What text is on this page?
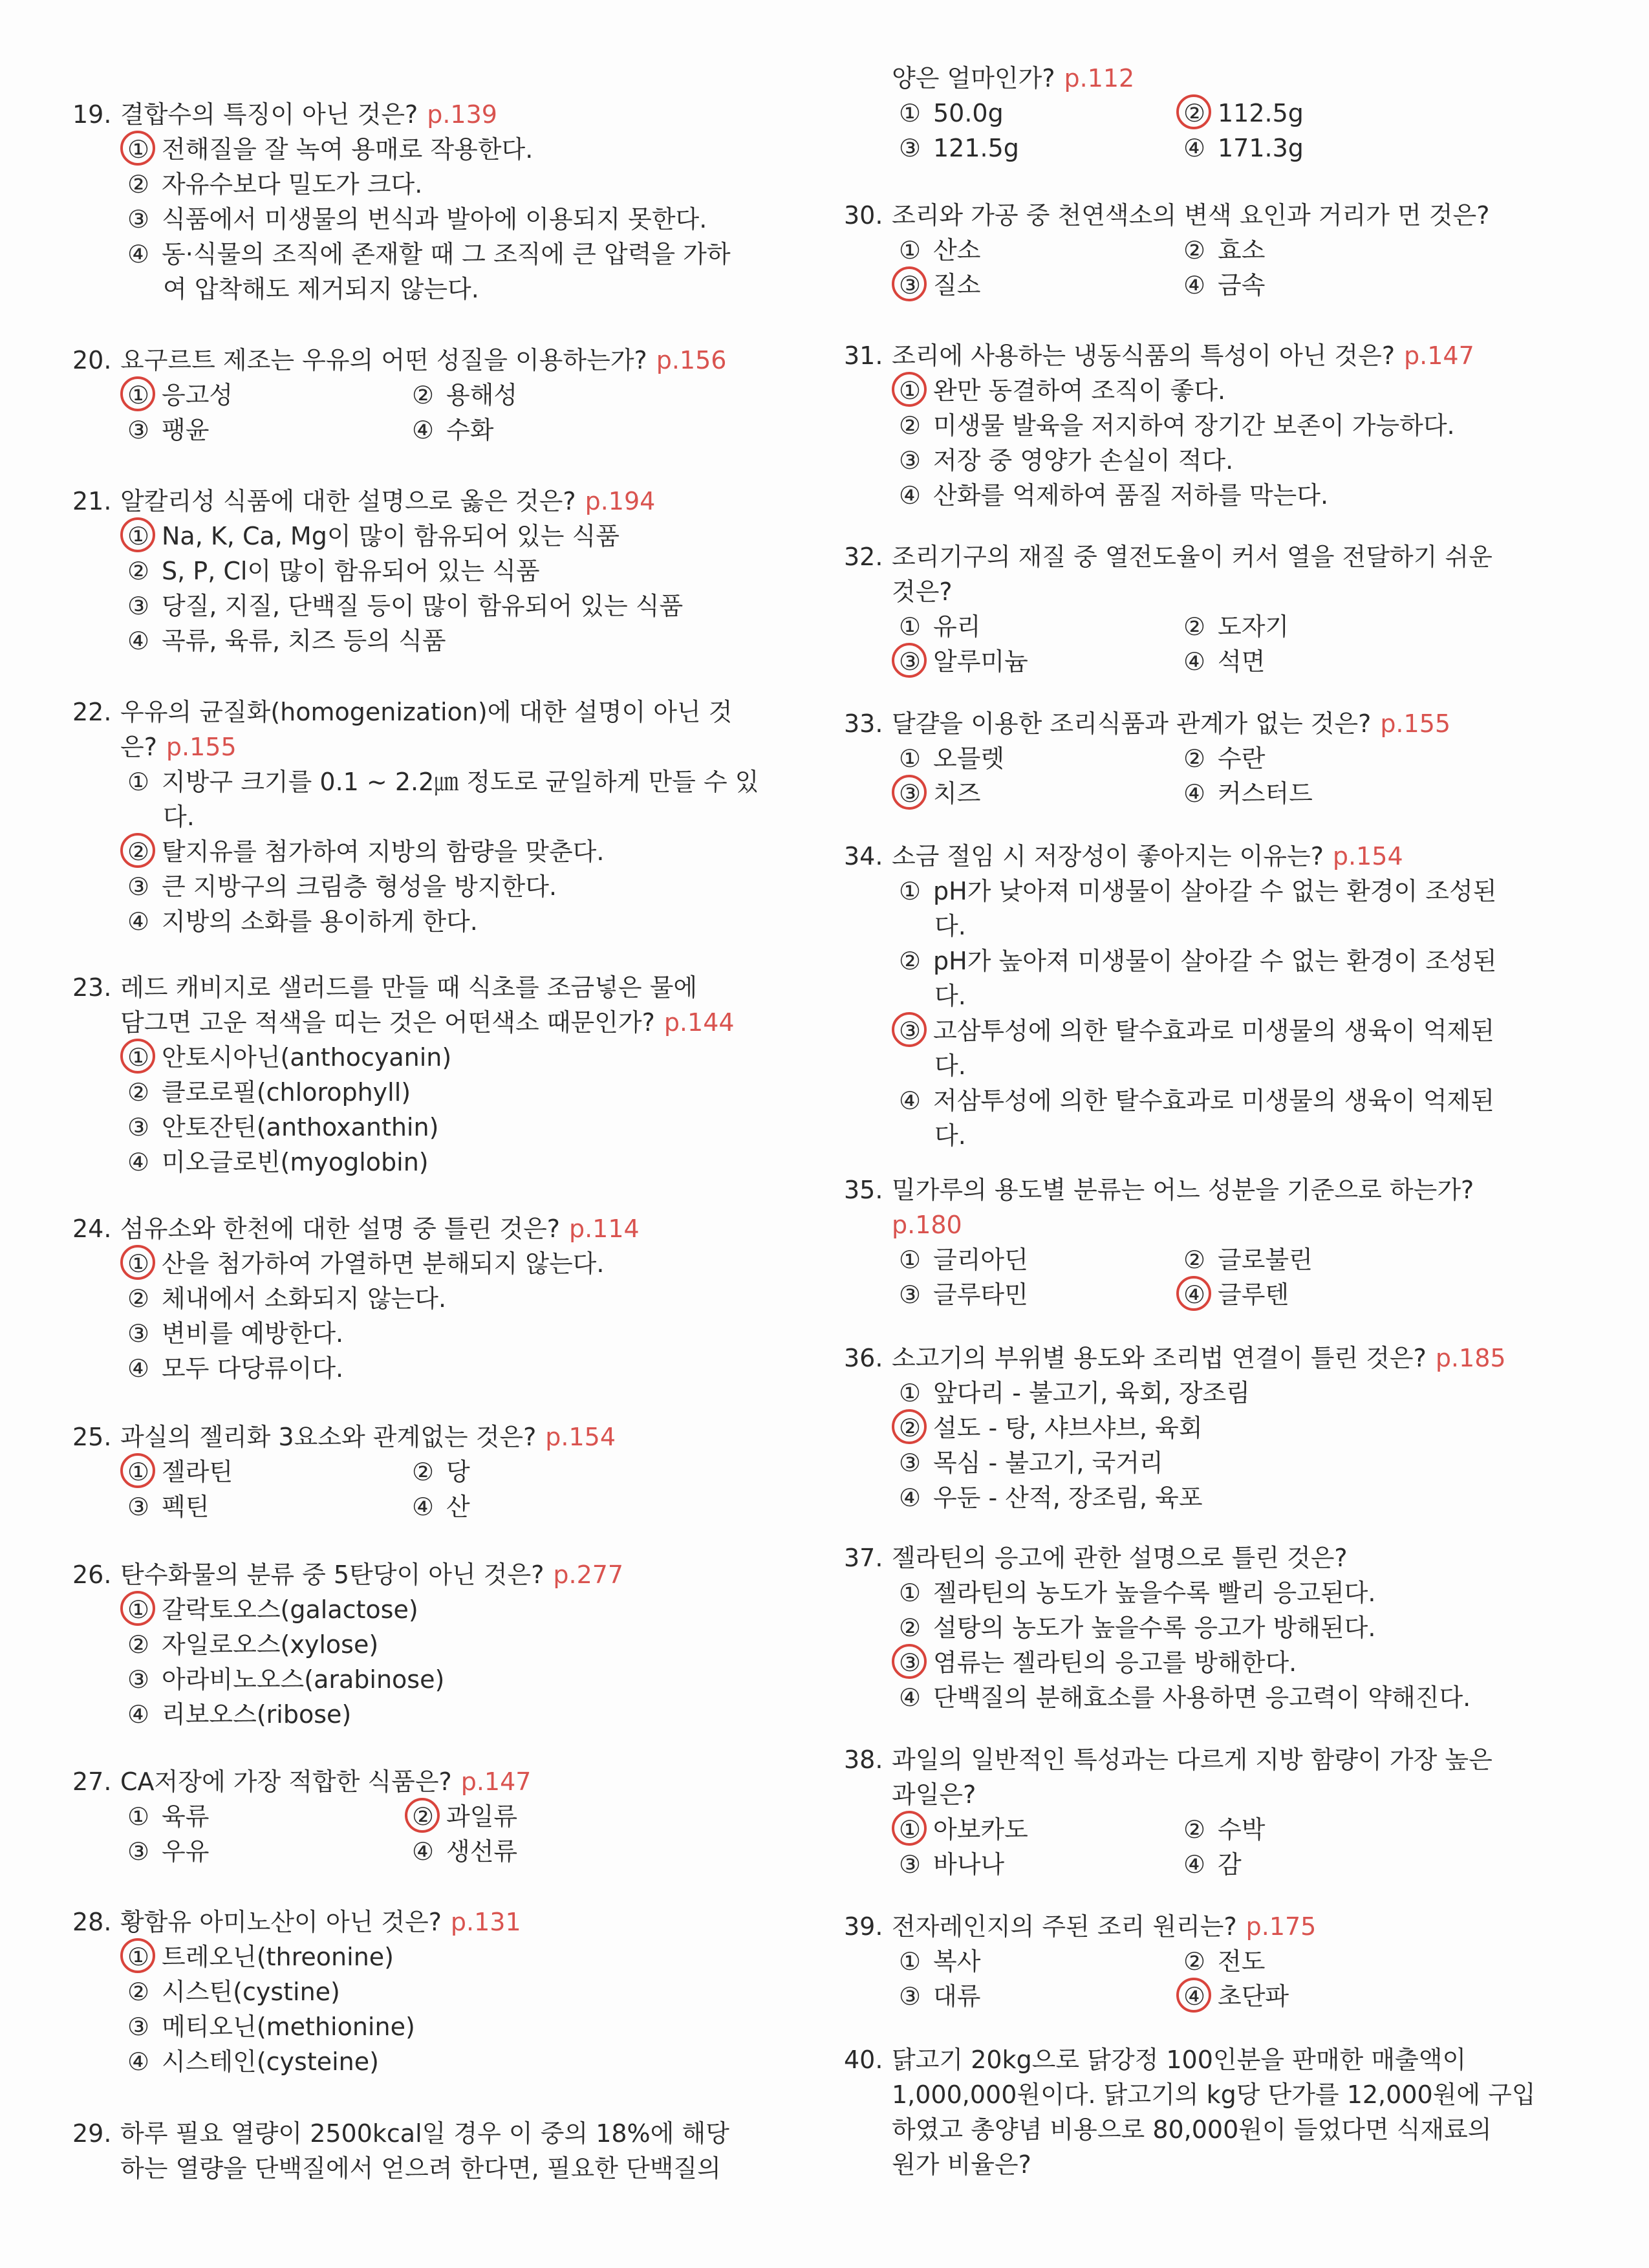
19. 결합수의 특징이 아닌 것은? p.139
① 전해질을 잘 녹여 용매로 작용한다.
② 자유수보다 밀도가 크다.
③ 식품에서 미생물의 번식과 발아에 이용되지 못한다.
④ 동·식물의 조직에 존재할 때 그 조직에 큰 압력을 가하
여 압착해도 제거되지 않는다.
20. 요구르트 제조는 우유의 어떤 성질을 이용하는가? p.156
① 응고성	② 용해성
③ 팽윤	④ 수화
21. 알칼리성 식품에 대한 설명으로 옳은 것은? p.194
① Na, K, Ca, Mg이 많이 함유되어 있는 식품
② S, P, Cl이 많이 함유되어 있는 식품
③ 당질, 지질, 단백질 등이 많이 함유되어 있는 식품
④ 곡류, 육류, 치즈 등의 식품
22. 우유의 균질화(homogenization)에 대한 설명이 아닌 것
은? p.155
① 지방구 크기를 0.1 ~ 2.2㎛ 정도로 균일하게 만들 수 있
다.
② 탈지유를 첨가하여 지방의 함량을 맞춘다.
③ 큰 지방구의 크림층 형성을 방지한다.
④ 지방의 소화를 용이하게 한다.
23. 레드 캐비지로 샐러드를 만들 때 식초를 조금넣은 물에
담그면 고운 적색을 띠는 것은 어떤색소 때문인가? p.144
① 안토시아닌(anthocyanin)
② 클로로필(chlorophyll)
③ 안토잔틴(anthoxanthin)
④ 미오글로빈(myoglobin)
24. 섬유소와 한천에 대한 설명 중 틀린 것은? p.114
① 산을 첨가하여 가열하면 분해되지 않는다.
② 체내에서 소화되지 않는다.
③ 변비를 예방한다.
④ 모두 다당류이다.
25. 과실의 젤리화 3요소와 관계없는 것은? p.154
① 젤라틴	② 당
③ 펙틴	④ 산
26. 탄수화물의 분류 중 5탄당이 아닌 것은? p.277
① 갈락토오스(galactose)
② 자일로오스(xylose)
③ 아라비노오스(arabinose)
④ 리보오스(ribose)
27. CA저장에 가장 적합한 식품은? p.147
① 육류	② 과일류
③ 우유	④ 생선류
28. 황함유 아미노산이 아닌 것은? p.131
① 트레오닌(threonine)
② 시스틴(cystine)
③ 메티오닌(methionine)
④ 시스테인(cysteine)
29. 하루 필요 열량이 2500kcal일 경우 이 중의 18%에 해당
하는 열량을 단백질에서 얻으려 한다면, 필요한 단백질의
양은 얼마인가? p.112
① 50.0g	② 112.5g
③ 121.5g	④ 171.3g
30. 조리와 가공 중 천연색소의 변색 요인과 거리가 먼 것은?
① 산소	② 효소
③ 질소	④ 금속
31. 조리에 사용하는 냉동식품의 특성이 아닌 것은? p.147
① 완만 동결하여 조직이 좋다.
② 미생물 발육을 저지하여 장기간 보존이 가능하다.
③ 저장 중 영양가 손실이 적다.
④ 산화를 억제하여 품질 저하를 막는다.
32. 조리기구의 재질 중 열전도율이 커서 열을 전달하기 쉬운
것은?
① 유리	② 도자기
③ 알루미늄	④ 석면
33. 달걀을 이용한 조리식품과 관계가 없는 것은? p.155
① 오믈렛	② 수란
③ 치즈	④ 커스터드
34. 소금 절임 시 저장성이 좋아지는 이유는? p.154
① pH가 낮아져 미생물이 살아갈 수 없는 환경이 조성된
다.
② pH가 높아져 미생물이 살아갈 수 없는 환경이 조성된
다.
③ 고삼투성에 의한 탈수효과로 미생물의 생육이 억제된
다.
④ 저삼투성에 의한 탈수효과로 미생물의 생육이 억제된
다.
35. 밀가루의 용도별 분류는 어느 성분을 기준으로 하는가?
p.180
① 글리아딘	② 글로불린
③ 글루타민	④ 글루텐
36. 소고기의 부위별 용도와 조리법 연결이 틀린 것은? p.185
① 앞다리 - 불고기, 육회, 장조림
② 설도 - 탕, 샤브샤브, 육회
③ 목심 - 불고기, 국거리
④ 우둔 - 산적, 장조림, 육포
37. 젤라틴의 응고에 관한 설명으로 틀린 것은?
① 젤라틴의 농도가 높을수록 빨리 응고된다.
② 설탕의 농도가 높을수록 응고가 방해된다.
③ 염류는 젤라틴의 응고를 방해한다.
④ 단백질의 분해효소를 사용하면 응고력이 약해진다.
38. 과일의 일반적인 특성과는 다르게 지방 함량이 가장 높은
과일은?
① 아보카도	② 수박
③ 바나나	④ 감
39. 전자레인지의 주된 조리 원리는? p.175
① 복사	② 전도
③ 대류	④ 초단파
40. 닭고기 20kg으로 닭강정 100인분을 판매한 매출액이
1,000,000원이다. 닭고기의 kg당 단가를 12,000원에 구입
하였고 총양념 비용으로 80,000원이 들었다면 식재료의
원가 비율은?
